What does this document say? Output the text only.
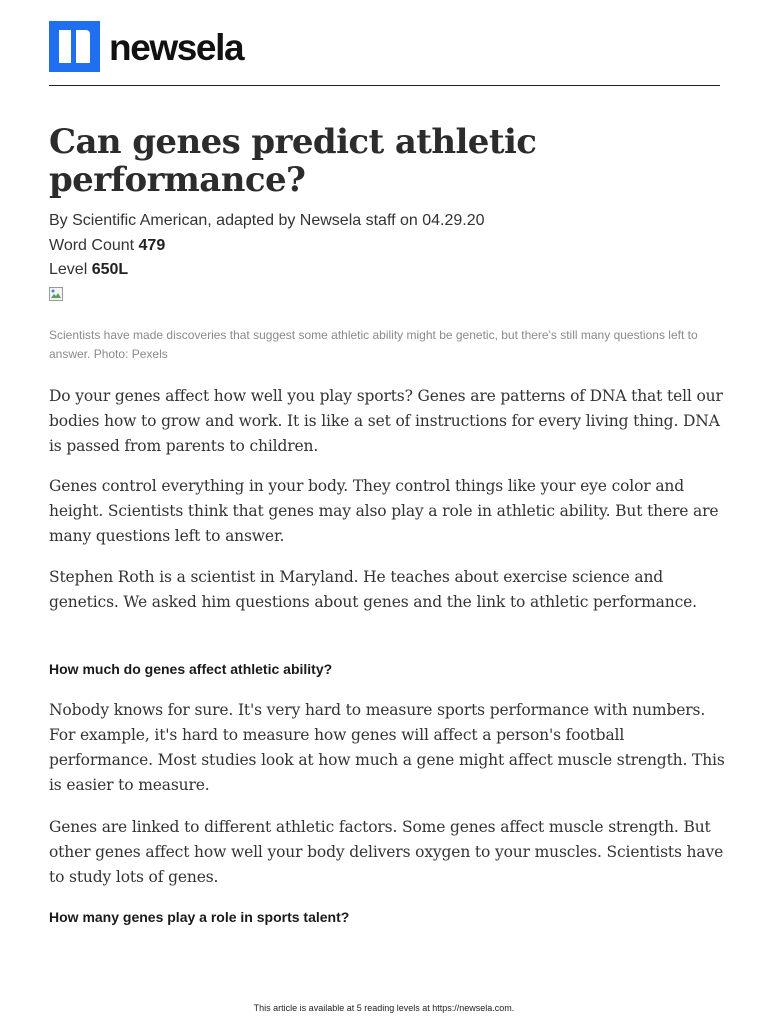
newsela
Can genes predict athletic performance?
By Scientific American, adapted by Newsela staff on 04.29.20
Word Count 479
Level 650L
Scientists have made discoveries that suggest some athletic ability might be genetic, but there's still many questions left to answer. Photo: Pexels

Do your genes affect how well you play sports? Genes are patterns of DNA that tell our bodies how to grow and work. It is like a set of instructions for every living thing. DNA is passed from parents to children.

Genes control everything in your body. They control things like your eye color and height. Scientists think that genes may also play a role in athletic ability. But there are many questions left to answer.

Stephen Roth is a scientist in Maryland. He teaches about exercise science and genetics. We asked him questions about genes and the link to athletic performance.

How much do genes affect athletic ability?

Nobody knows for sure. It's very hard to measure sports performance with numbers. For example, it's hard to measure how genes will affect a person's football performance. Most studies look at how much a gene might affect muscle strength. This is easier to measure.

Genes are linked to different athletic factors. Some genes affect muscle strength. But other genes affect how well your body delivers oxygen to your muscles. Scientists have to study lots of genes.

How many genes play a role in sports talent?
This article is available at 5 reading levels at https://newsela.com.
